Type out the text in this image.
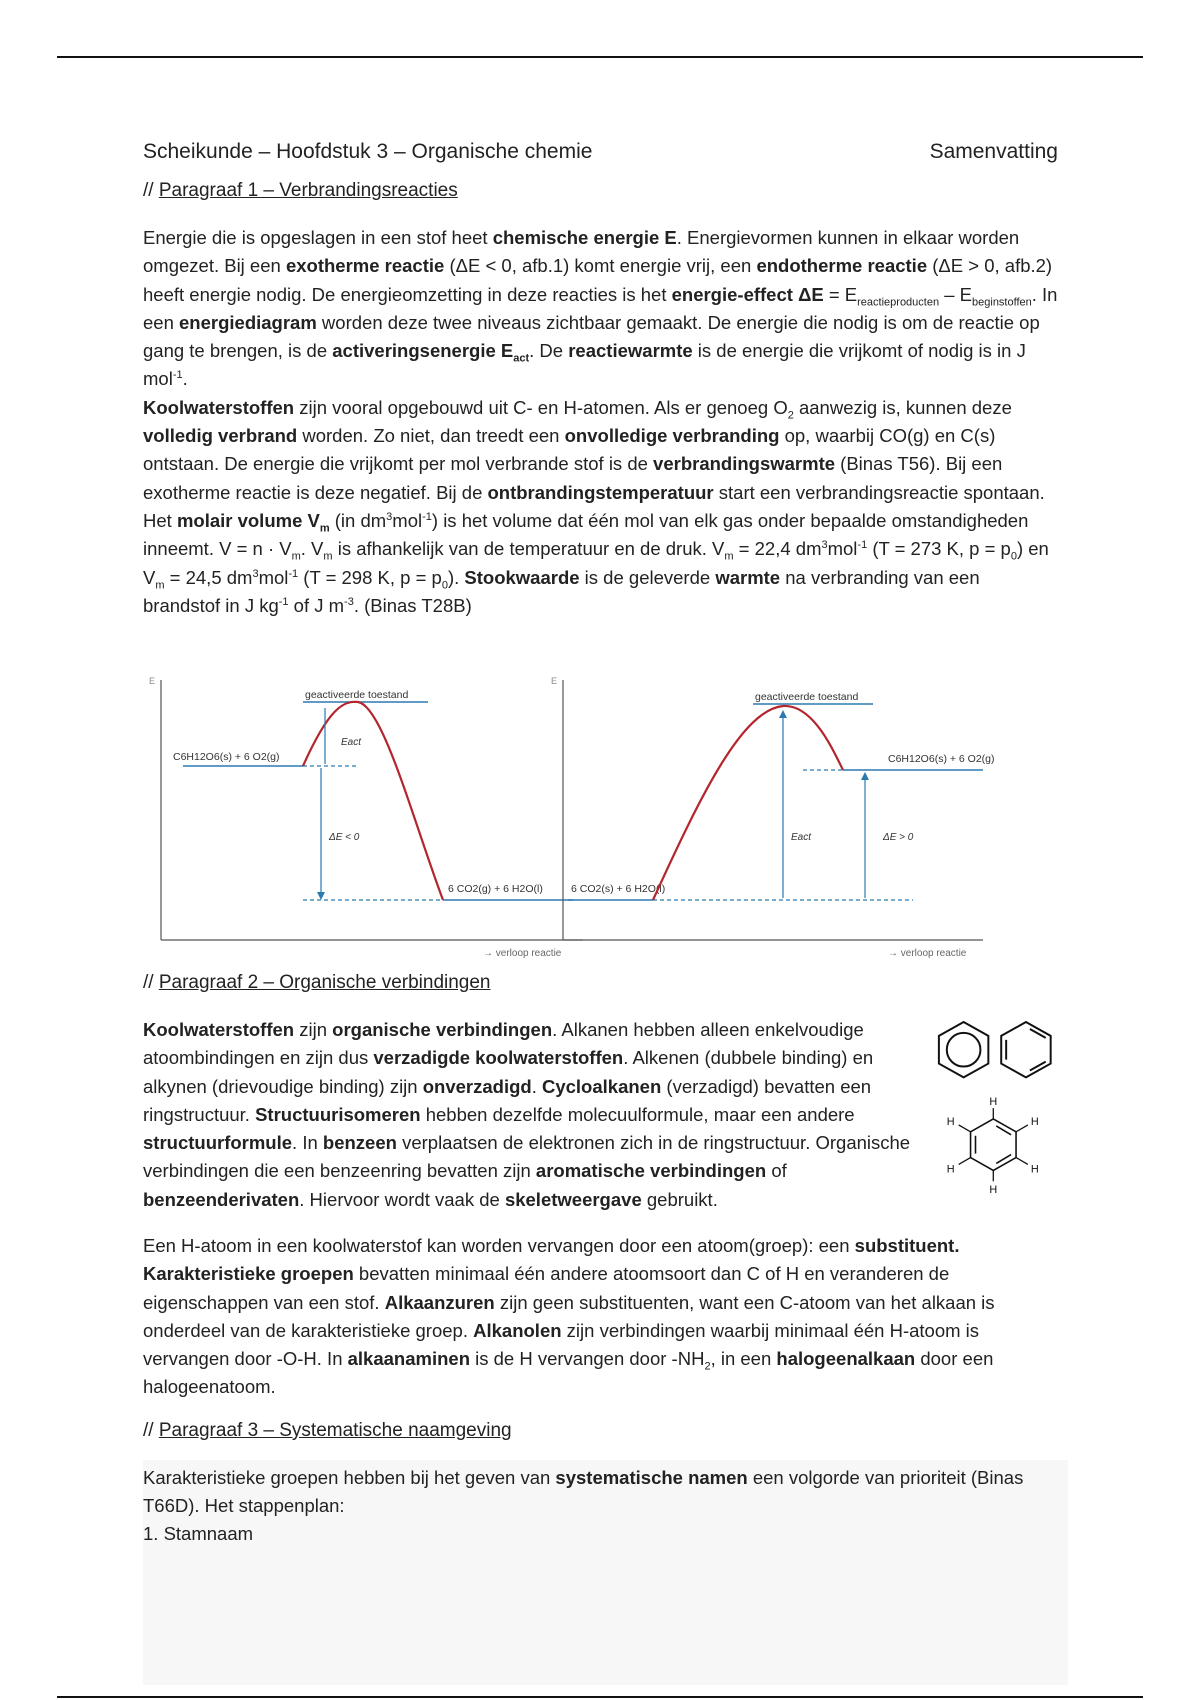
Scheikunde – Hoofdstuk 3 – Organische chemie	Samenvatting
// Paragraaf 1 – Verbrandingsreacties

Energie die is opgeslagen in een stof heet chemische energie E. Energievormen kunnen in elkaar worden omgezet. Bij een exotherme reactie (ΔE < 0, afb.1) komt energie vrij, een endotherme reactie (ΔE > 0, afb.2) heeft energie nodig. De energieomzetting in deze reacties is het energie-effect $\Delta E = E_{reactieproducten} - E_{beginstoffen}$. In een energiediagram worden deze twee niveaus zichtbaar gemaakt. De energie die nodig is om de reactie op gang te brengen, is de activeringsenergie $E_{act}$. De reactiewarmte is de energie die vrijkomt of nodig is in J mol$^{-1}$.

Koolwaterstoffen zijn vooral opgebouwd uit C- en H-atomen. Als er genoeg $O_2$ aanwezig is, kunnen deze volledig verbrand worden. Zo niet, dan treedt een onvolledige verbranding op, waarbij CO(g) en C(s) ontstaan. De energie die vrijkomt per mol verbrande stof is de verbrandingswarmte (Binas T56). Bij een exotherme reactie is deze negatief. Bij de ontbrandingstemperatuur start een verbrandingsreactie spontaan.

Het molair volume $V_m$ (in $dm^3mol^{-1}$) is het volume dat één mol van elk gas onder bepaalde omstandigheden inneemt. $V = n \cdot V_m$. $V_m$ is afhankelijk van de temperatuur en de druk. $V_m = 22,4$ $dm^3mol^{-1}$ (T = 273 K, $p = p_0$) en $V_m = 24,5$ $dm^3mol^{-1}$ (T = 298 K, $p = p_0$). Stookwaarde is de geleverde warmte na verbranding van een brandstof in J $kg^{-1}$ of J $m^{-3}$. (Binas T28B)

E
→ verloop reactie
geactiveerde toestand
C6H12O6(s) + 6 O2(g)
6 CO2(g) + 6 H2O(l)
Eact
ΔE < 0
E
→ verloop reactie
geactiveerde toestand
6 CO2(s) + 6 H2O(l)
C6H12O6(s) + 6 O2(g)
Eact	ΔE > 0
// Paragraaf 2 – Organische verbindingen

Koolwaterstoffen zijn organische verbindingen. Alkanen hebben alleen enkelvoudige atoombindingen en zijn dus verzadigde koolwaterstoffen. Alkenen (dubbele binding) en alkynen (drievoudige binding) zijn onverzadigd. Cycloalkanen (verzadigd) bevatten een ringstructuur. Structuurisomeren hebben dezelfde molecuulformule, maar een andere structuurformule. In benzeen verplaatsen de elektronen zich in de ringstructuur. Organische verbindingen die een benzeenring bevatten zijn aromatische verbindingen of benzeenderivaten. Hiervoor wordt vaak de skeletweergave gebruikt.

H
H
H
H
H
H

Een H-atoom in een koolwaterstof kan worden vervangen door een atoom(groep): een substituent. Karakteristieke groepen bevatten minimaal één andere atoomsoort dan C of H en veranderen de eigenschappen van een stof. Alkaanzuren zijn geen substituenten, want een C-atoom van het alkaan is onderdeel van de karakteristieke groep. Alkanolen zijn verbindingen waarbij minimaal één H-atoom is vervangen door -O-H. In alkaanaminen is de H vervangen door $-NH_2$, in een halogeenalkaan door een halogeenatoom.

// Paragraaf 3 – Systematische naamgeving

Karakteristieke groepen hebben bij het geven van systematische namen een volgorde van prioriteit (Binas T66D). Het stappenplan:

1. Stamnaam
